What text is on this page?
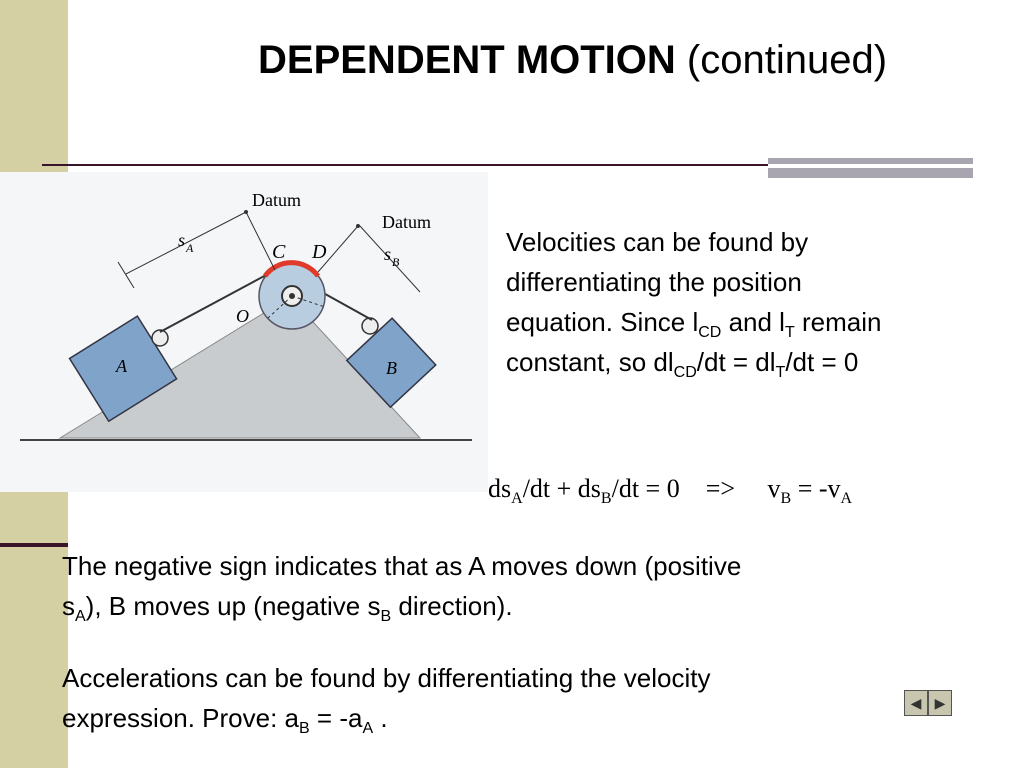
DEPENDENT MOTION (continued)
A	B
Datum
Datum
s A	s B
C D
O
Velocities can be found by
differentiating the position
equation. Since $l_{CD}$ and $l_T$ remain
constant, so $dl_{CD}/dt = dl_T/dt = 0$
$ds_A/dt + ds_B/dt = 0$    =>     $v_B = -v_A$
The negative sign indicates that as A moves down (positive
$s_A$), B moves up (negative $s_B$ direction).
Accelerations can be found by differentiating the velocity
expression. Prove: $a_B = -a_A$ .
◀ ▶
